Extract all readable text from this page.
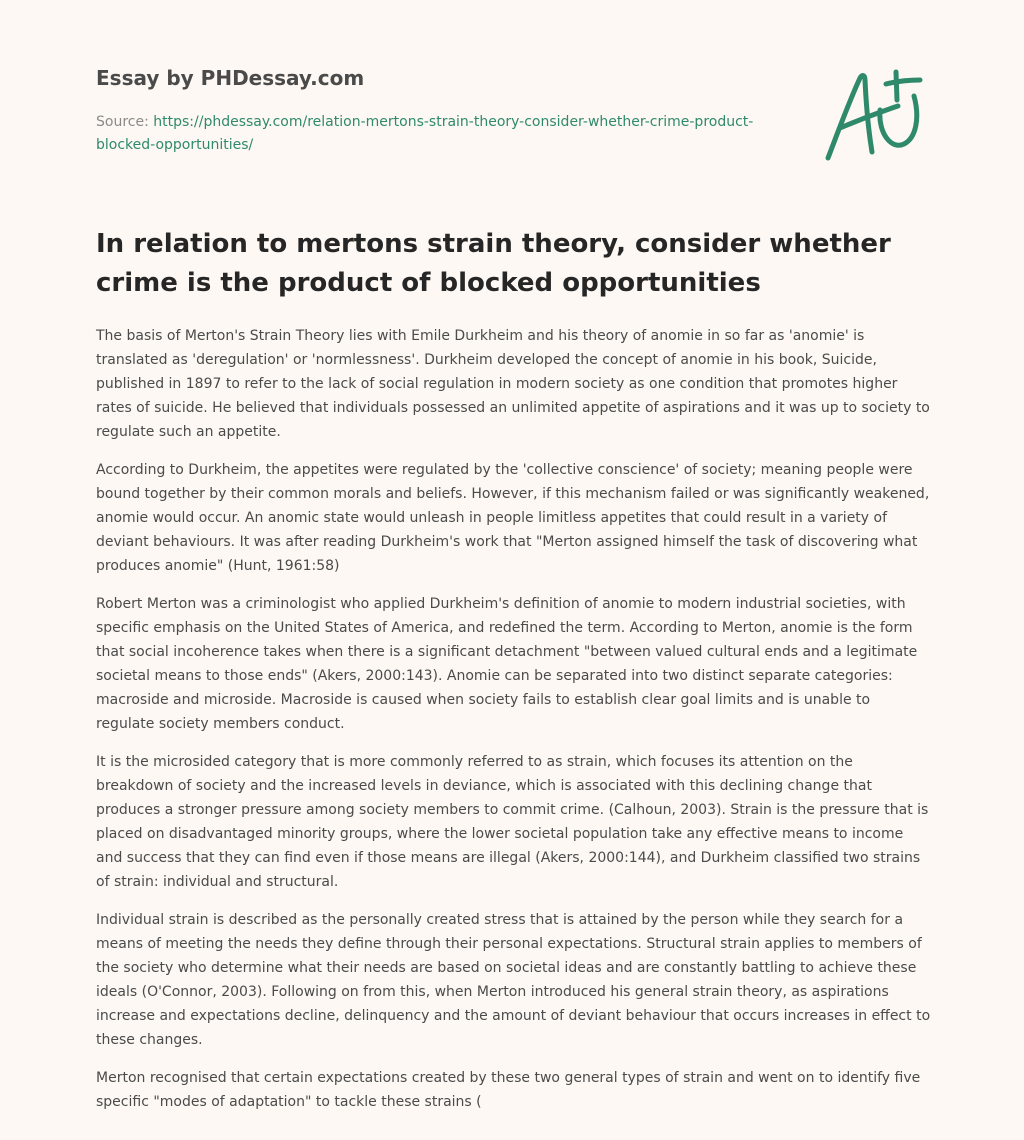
Essay by PHDessay.com
Source: https://phdessay.com/relation-mertons-strain-theory-consider-whether-crime-product-blocked-opportunities/
In relation to mertons strain theory, consider whether crime is the product of blocked opportunities

The basis of Merton's Strain Theory lies with Emile Durkheim and his theory of anomie in so far as 'anomie' is translated as 'deregulation' or 'normlessness'. Durkheim developed the concept of anomie in his book, Suicide, published in 1897 to refer to the lack of social regulation in modern society as one condition that promotes higher rates of suicide. He believed that individuals possessed an unlimited appetite of aspirations and it was up to society to regulate such an appetite.

According to Durkheim, the appetites were regulated by the 'collective conscience' of society; meaning people were bound together by their common morals and beliefs. However, if this mechanism failed or was significantly weakened, anomie would occur. An anomic state would unleash in people limitless appetites that could result in a variety of deviant behaviours. It was after reading Durkheim's work that "Merton assigned himself the task of discovering what produces anomie" (Hunt, 1961:58)

Robert Merton was a criminologist who applied Durkheim's definition of anomie to modern industrial societies, with specific emphasis on the United States of America, and redefined the term. According to Merton, anomie is the form that social incoherence takes when there is a significant detachment "between valued cultural ends and a legitimate societal means to those ends" (Akers, 2000:143). Anomie can be separated into two distinct separate categories: macroside and microside. Macroside is caused when society fails to establish clear goal limits and is unable to regulate society members conduct.

It is the microsided category that is more commonly referred to as strain, which focuses its attention on the breakdown of society and the increased levels in deviance, which is associated with this declining change that produces a stronger pressure among society members to commit crime. (Calhoun, 2003). Strain is the pressure that is placed on disadvantaged minority groups, where the lower societal population take any effective means to income and success that they can find even if those means are illegal (Akers, 2000:144), and Durkheim classified two strains of strain: individual and structural.

Individual strain is described as the personally created stress that is attained by the person while they search for a means of meeting the needs they define through their personal expectations. Structural strain applies to members of the society who determine what their needs are based on societal ideas and are constantly battling to achieve these ideals (O'Connor, 2003). Following on from this, when Merton introduced his general strain theory, as aspirations increase and expectations decline, delinquency and the amount of deviant behaviour that occurs increases in effect to these changes.

Merton recognised that certain expectations created by these two general types of strain and went on to identify five specific "modes of adaptation" to tackle these strains (
